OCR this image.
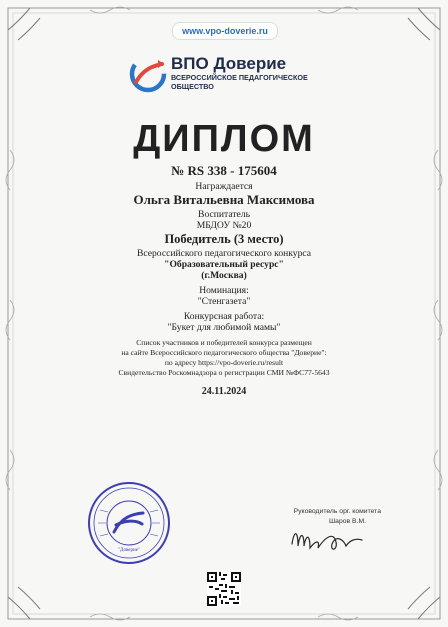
www.vpo-doverie.ru
ВПО Доверие
ВСЕРОССИЙСКОЕ ПЕДАГОГИЧЕСКОЕ ОБЩЕСТВО
ДИПЛОМ
№ RS 338 - 175604
Награждается
Ольга Витальевна Максимова
Воспитатель
МБДОУ №20
Победитель (3 место)
Всероссийского педагогического конкурса
"Образовательный ресурс"
(г.Москва)
Номинация:
"Стенгазета"
Конкурсная работа:
"Букет для любимой мамы"
Список участников и победителей конкурса размещен
на сайте Всероссийского педагогического общества "Доверие":
по адресу https://vpo-doverie.ru/result
Свидетельство Роскомнадзора о регистрации СМИ №ФС77-5643
24.11.2024
"Доверие"
Руководитель орг. комитета
Шаров В.М.
